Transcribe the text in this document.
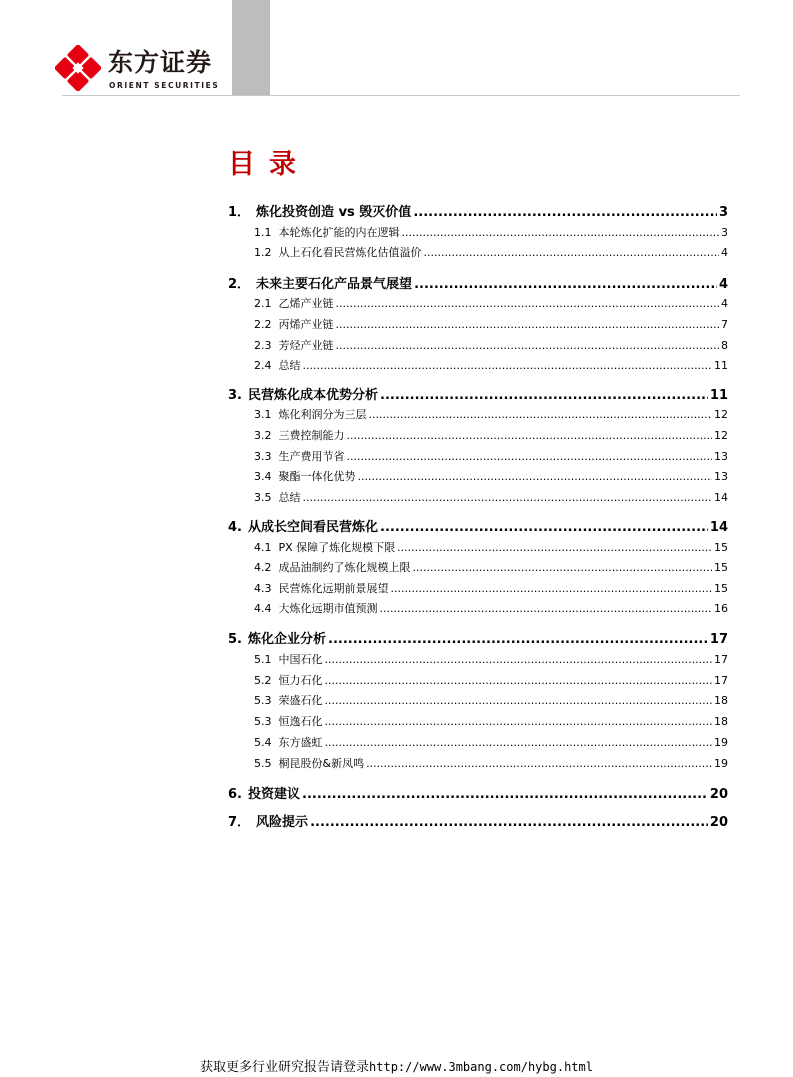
东方证券
ORIENT SECURITIES
目录
1． 炼化投资创造 vs 毁灭价值 .....	3
1.1 本轮炼化扩能的内在逻辑 .....	3
1.2 从上石化看民营炼化估值溢价 .....	4
2． 未来主要石化产品景气展望 .....	4
2.1 乙烯产业链 .....	4
2.2 丙烯产业链 .....	7
2.3 芳烃产业链 .....	8
2.4 总结 .....	11
3. 民营炼化成本优势分析 .....	11
3.1 炼化利润分为三层 .....	12
3.2 三费控制能力 .....	12
3.3 生产费用节省 .....	13
3.4 聚酯一体化优势 .....	13
3.5 总结 .....	14
4. 从成长空间看民营炼化 .....	14
4.1 PX 保障了炼化规模下限 .....	15
4.2 成品油制约了炼化规模上限 .....	15
4.3 民营炼化远期前景展望 .....	15
4.4 大炼化远期市值预测 .....	16
5. 炼化企业分析 .....	17
5.1 中国石化 .....	17
5.2 恒力石化 .....	17
5.3 荣盛石化 .....	18
5.3 恒逸石化 .....	18
5.4 东方盛虹 .....	19
5.5 桐昆股份&新凤鸣 .....	19
6. 投资建议 .....	20
7． 风险提示 .....	20
获取更多行业研究报告请登录http://www.3mbang.com/hybg.html
